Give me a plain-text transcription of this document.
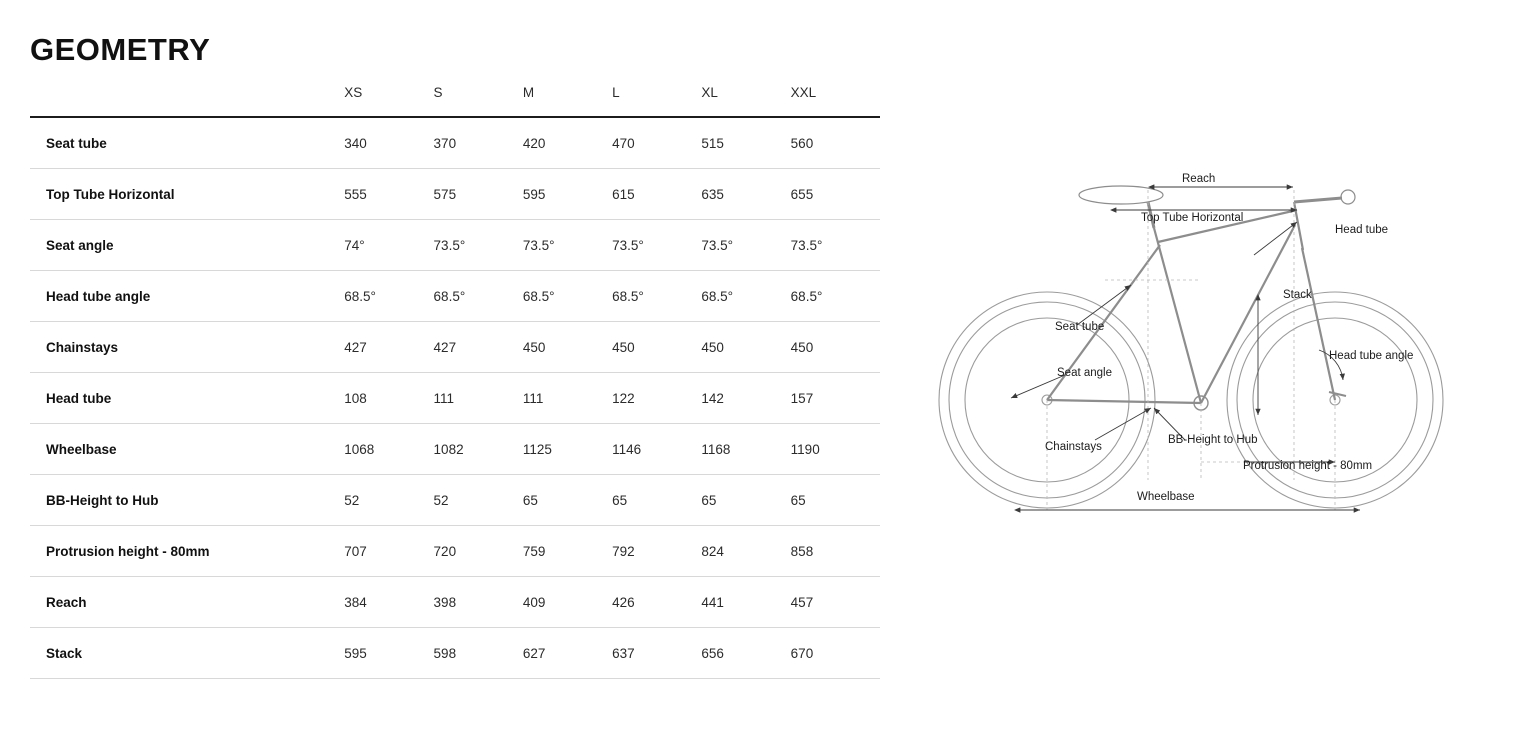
GEOMETRY
	XS	S	M	L	XL	XXL
Seat tube	340	370	420	470	515	560
Top Tube Horizontal	555	575	595	615	635	655
Seat angle	74°	73.5°	73.5°	73.5°	73.5°	73.5°
Head tube angle	68.5°	68.5°	68.5°	68.5°	68.5°	68.5°
Chainstays	427	427	450	450	450	450
Head tube	108	111	111	122	142	157
Wheelbase	1068	1082	1125	1146	1168	1190
BB-Height to Hub	52	52	65	65	65	65
Protrusion height - 80mm	707	720	759	792	824	858
Reach	384	398	409	426	441	457
Stack	595	598	627	637	656	670
Reach
Top Tube Horizontal
Head tube
Stack
Seat tube
Seat angle
Head tube angle
Chainstays
BB-Height to Hub
Protrusion height - 80mm
Wheelbase
